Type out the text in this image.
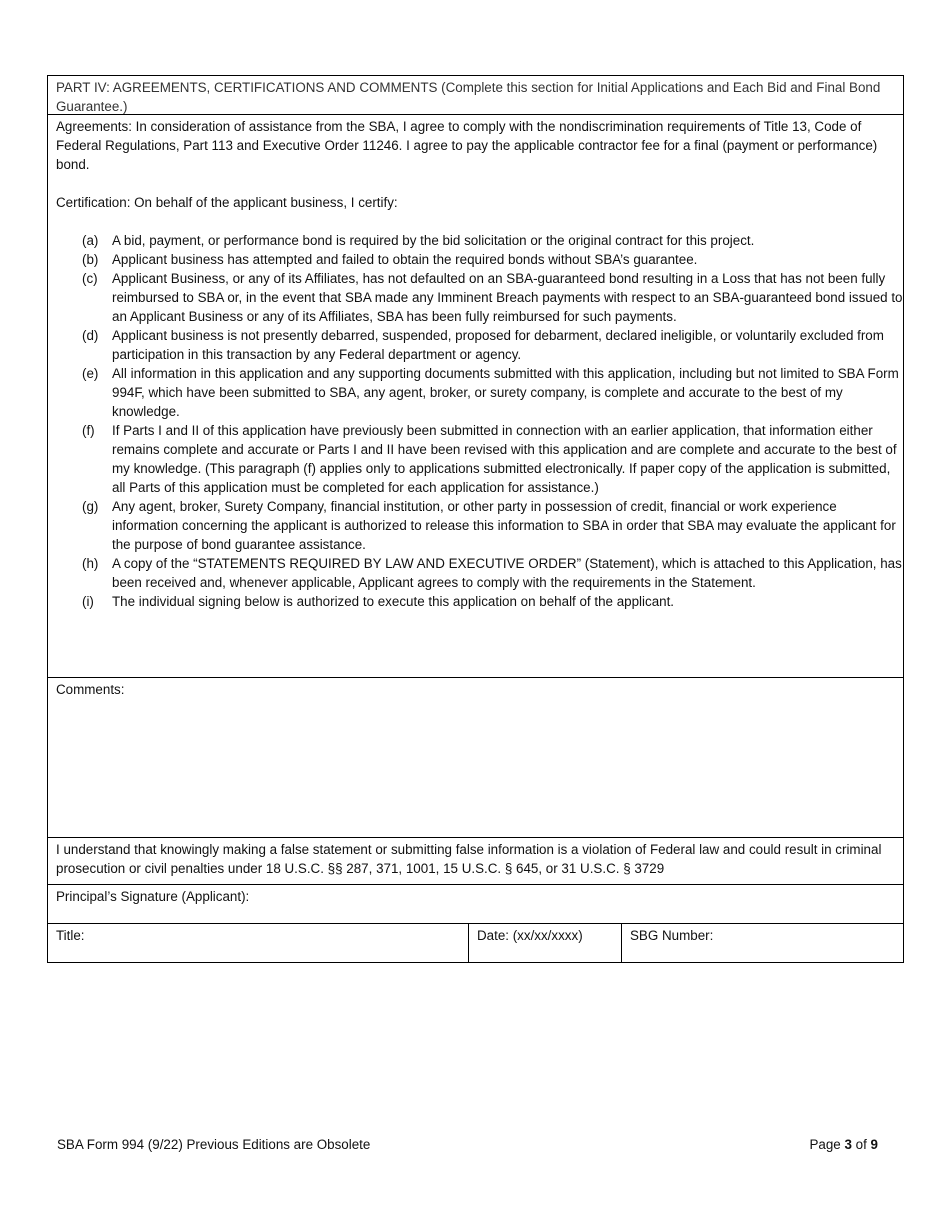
PART IV: AGREEMENTS, CERTIFICATIONS AND COMMENTS (Complete this section for Initial Applications and Each Bid and Final Bond Guarantee.)

Agreements: In consideration of assistance from the SBA, I agree to comply with the nondiscrimination requirements of Title 13, Code of Federal Regulations, Part 113 and Executive Order 11246. I agree to pay the applicable contractor fee for a final (payment or performance) bond.

Certification: On behalf of the applicant business, I certify:

(a)	A bid, payment, or performance bond is required by the bid solicitation or the original contract for this project.
(b)	Applicant business has attempted and failed to obtain the required bonds without SBA’s guarantee.
(c)	Applicant Business, or any of its Affiliates, has not defaulted on an SBA-guaranteed bond resulting in a Loss that has not been fully reimbursed to SBA or, in the event that SBA made any Imminent Breach payments with respect to an SBA-guaranteed bond issued to an Applicant Business or any of its Affiliates, SBA has been fully reimbursed for such payments.
(d)	Applicant business is not presently debarred, suspended, proposed for debarment, declared ineligible, or voluntarily excluded from participation in this transaction by any Federal department or agency.
(e)	All information in this application and any supporting documents submitted with this application, including but not limited to SBA Form 994F, which have been submitted to SBA, any agent, broker, or surety company, is complete and accurate to the best of my knowledge.
(f)	If Parts I and II of this application have previously been submitted in connection with an earlier application, that information either remains complete and accurate or Parts I and II have been revised with this application and are complete and accurate to the best of my knowledge. (This paragraph (f) applies only to applications submitted electronically. If paper copy of the application is submitted, all Parts of this application must be completed for each application for assistance.)
(g)	Any agent, broker, Surety Company, financial institution, or other party in possession of credit, financial or work experience information concerning the applicant is authorized to release this information to SBA in order that SBA may evaluate the applicant for the purpose of bond guarantee assistance.
(h)	A copy of the “STATEMENTS REQUIRED BY LAW AND EXECUTIVE ORDER” (Statement), which is attached to this Application, has been received and, whenever applicable, Applicant agrees to comply with the requirements in the Statement.
(i)	The individual signing below is authorized to execute this application on behalf of the applicant.
Comments:
I understand that knowingly making a false statement or submitting false information is a violation of Federal law and could result in criminal prosecution or civil penalties under 18 U.S.C. §§ 287, 371, 1001, 15 U.S.C. § 645, or 31 U.S.C. § 3729
Principal’s Signature (Applicant):
Title:	Date: (xx/xx/xxxx)	SBG Number:
SBA Form 994 (9/22) Previous Editions are Obsolete	Page 3 of 9
